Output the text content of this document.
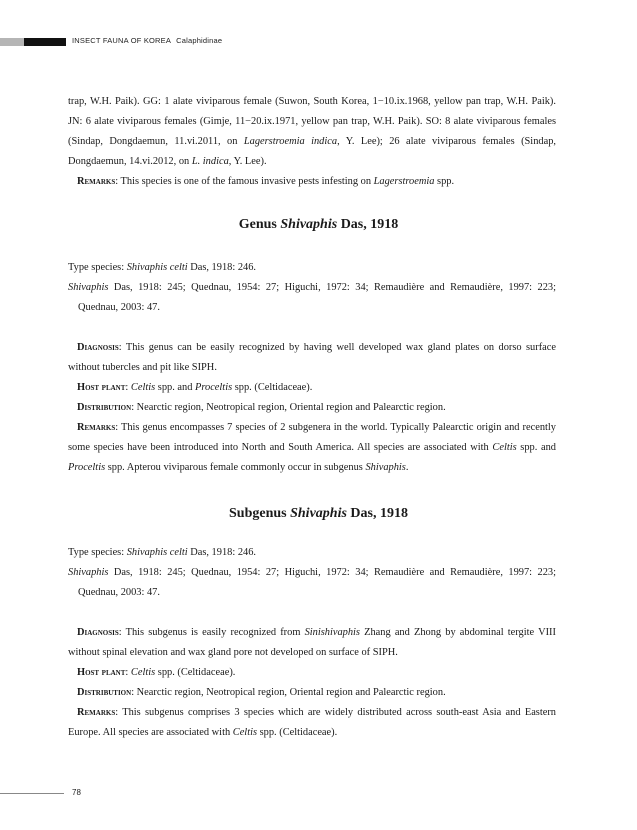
INSECT FAUNA OF KOREA Calaphidinae

trap, W.H. Paik). GG: 1 alate viviparous female (Suwon, South Korea, 1−10.ix.1968, yellow pan trap, W.H. Paik). JN: 6 alate viviparous females (Gimje, 11−20.ix.1971, yellow pan trap, W.H. Paik). SO: 8 alate viviparous females (Sindap, Dongdaemun, 11.vi.2011, on Lagerstroemia indica, Y. Lee); 26 alate viviparous females (Sindap, Dongdaemun, 14.vi.2012, on L. indica, Y. Lee).

Remarks: This species is one of the famous invasive pests infesting on Lagerstroemia spp.

Genus Shivaphis Das, 1918

Type species: Shivaphis celti Das, 1918: 246.

Shivaphis Das, 1918: 245; Quednau, 1954: 27; Higuchi, 1972: 34; Remaudière and Remaudière, 1997: 223; Quednau, 2003: 47.

Diagnosis: This genus can be easily recognized by having well developed wax gland plates on dorso surface without tubercles and pit like SIPH.

Host plant: Celtis spp. and Proceltis spp. (Celtidaceae).

Distribution: Nearctic region, Neotropical region, Oriental region and Palearctic region.

Remarks: This genus encompasses 7 species of 2 subgenera in the world. Typically Palearctic origin and recently some species have been introduced into North and South America. All species are associated with Celtis spp. and Proceltis spp. Apterou viviparous female commonly occur in subgenus Shivaphis.

Subgenus Shivaphis Das, 1918

Type species: Shivaphis celti Das, 1918: 246.

Shivaphis Das, 1918: 245; Quednau, 1954: 27; Higuchi, 1972: 34; Remaudière and Remaudière, 1997: 223; Quednau, 2003: 47.

Diagnosis: This subgenus is easily recognized from Sinishivaphis Zhang and Zhong by abdominal tergite VIII without spinal elevation and wax gland pore not developed on surface of SIPH.

Host plant: Celtis spp. (Celtidaceae).

Distribution: Nearctic region, Neotropical region, Oriental region and Palearctic region.

Remarks: This subgenus comprises 3 species which are widely distributed across south-east Asia and Eastern Europe. All species are associated with Celtis spp. (Celtidaceae).

78
